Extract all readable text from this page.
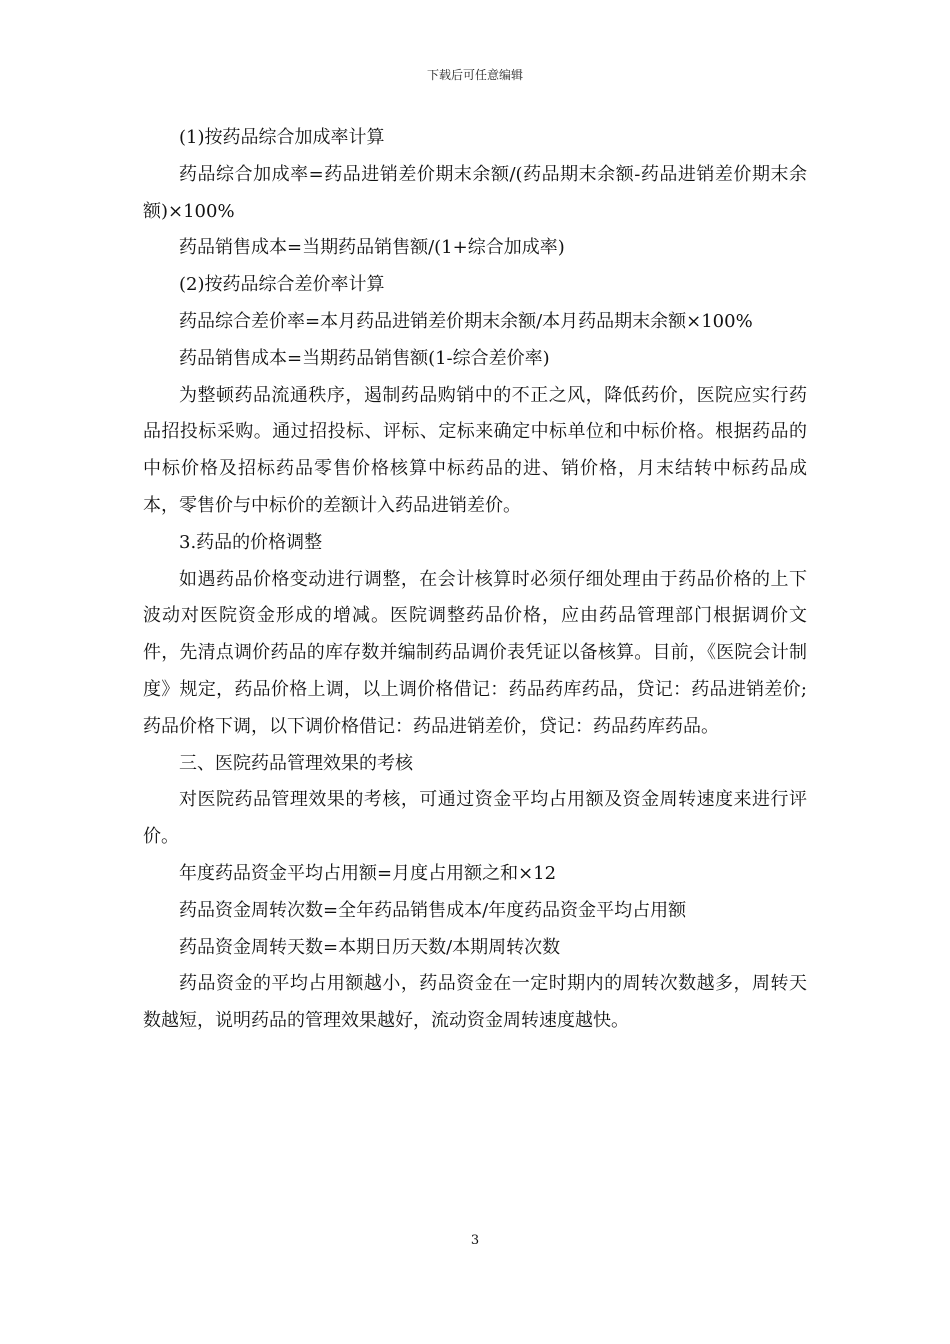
下载后可任意编辑

(1)按药品综合加成率计算

药品综合加成率=药品进销差价期末余额/(药品期末余额-药品进销差价期末余额)×100%

药品销售成本=当期药品销售额/(1+综合加成率)

(2)按药品综合差价率计算

药品综合差价率=本月药品进销差价期末余额/本月药品期末余额×100%

药品销售成本=当期药品销售额(1-综合差价率)

为整顿药品流通秩序，遏制药品购销中的不正之风，降低药价，医院应实行药品招投标采购。通过招投标、评标、定标来确定中标单位和中标价格。根据药品的中标价格及招标药品零售价格核算中标药品的进、销价格，月末结转中标药品成本，零售价与中标价的差额计入药品进销差价。

3.药品的价格调整

如遇药品价格变动进行调整，在会计核算时必须仔细处理由于药品价格的上下波动对医院资金形成的增减。医院调整药品价格，应由药品管理部门根据调价文件，先清点调价药品的库存数并编制药品调价表凭证以备核算。目前，《医院会计制度》规定，药品价格上调，以上调价格借记：药品药库药品，贷记：药品进销差价;药品价格下调，以下调价格借记：药品进销差价，贷记：药品药库药品。

三、医院药品管理效果的考核

对医院药品管理效果的考核，可通过资金平均占用额及资金周转速度来进行评价。

年度药品资金平均占用额=月度占用额之和×12

药品资金周转次数=全年药品销售成本/年度药品资金平均占用额

药品资金周转天数=本期日历天数/本期周转次数

药品资金的平均占用额越小，药品资金在一定时期内的周转次数越多，周转天数越短，说明药品的管理效果越好，流动资金周转速度越快。

3
